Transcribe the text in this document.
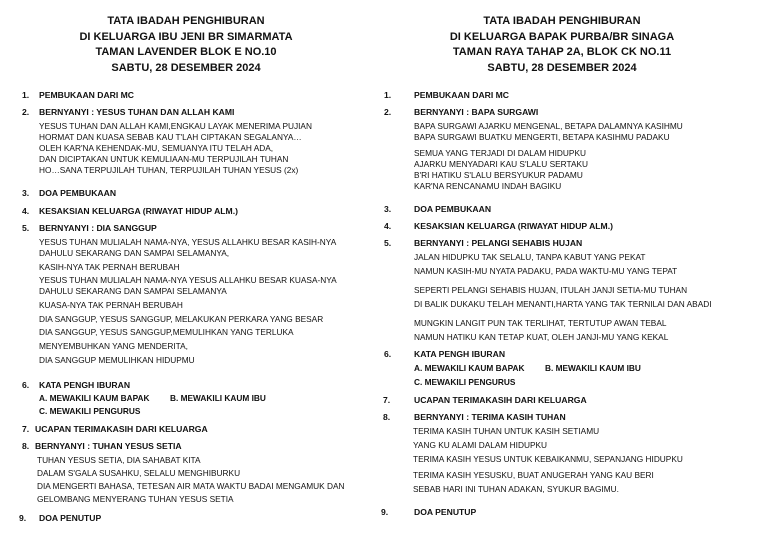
TATA IBADAH PENGHIBURAN
DI KELUARGA IBU JENI BR SIMARMATA
TAMAN LAVENDER BLOK E NO.10
SABTU, 28 DESEMBER 2024
1. PEMBUKAAN DARI MC
2. BERNYANYI : YESUS TUHAN DAN ALLAH KAMI
YESUS TUHAN DAN ALLAH KAMI,ENGKAU LAYAK MENERIMA PUJIAN
HORMAT DAN KUASA SEBAB KAU T'LAH CIPTAKAN SEGALANYA…
OLEH KAR'NA KEHENDAK-MU, SEMUANYA ITU TELAH ADA,
DAN DICIPTAKAN UNTUK KEMULIAAN-MU TERPUJILAH TUHAN
HO…SANA TERPUJILAH TUHAN, TERPUJILAH TUHAN YESUS (2x)
3. DOA PEMBUKAAN
4. KESAKSIAN KELUARGA (RIWAYAT HIDUP ALM.)
5. BERNYANYI : DIA SANGGUP
YESUS TUHAN MULIALAH NAMA-NYA, YESUS ALLAHKU BESAR KASIH-NYA
DAHULU SEKARANG DAN SAMPAI SELAMANYA,
KASIH-NYA TAK PERNAH BERUBAH
YESUS TUHAN MULIALAH NAMA-NYA YESUS ALLAHKU BESAR KUASA-NYA
DAHULU SEKARANG DAN SAMPAI SELAMANYA
KUASA-NYA TAK PERNAH BERUBAH
DIA SANGGUP, YESUS SANGGUP, MELAKUKAN PERKARA YANG BESAR
DIA SANGGUP, YESUS SANGGUP,MEMULIHKAN YANG TERLUKA
MENYEMBUHKAN YANG MENDERITA,
DIA SANGGUP MEMULIHKAN HIDUPMU
6. KATA PENGH IBURAN
A. MEWAKILI KAUM BAPAK B. MEWAKILI KAUM IBU
C. MEWAKILI PENGURUS
7. UCAPAN TERIMAKASIH DARI KELUARGA
8. BERNYANYI : TUHAN YESUS SETIA
TUHAN YESUS SETIA, DIA SAHABAT KITA
DALAM S'GALA SUSAHKU, SELALU MENGHIBURKU
DIA MENGERTI BAHASA, TETESAN AIR MATA WAKTU BADAI MENGAMUK DAN
GELOMBANG MENYERANG TUHAN YESUS SETIA
9. DOA PENUTUP
TATA IBADAH PENGHIBURAN
DI KELUARGA BAPAK PURBA/BR SINAGA
TAMAN RAYA TAHAP 2A, BLOK CK NO.11
SABTU, 28 DESEMBER 2024
1.	PEMBUKAAN DARI MC
2.	BERNYANYI : BAPA SURGAWI
BAPA SURGAWI AJARKU MENGENAL, BETAPA DALAMNYA KASIHMU
BAPA SURGAWI BUATKU MENGERTI, BETAPA KASIHMU PADAKU
SEMUA YANG TERJADI DI DALAM HIDUPKU
AJARKU MENYADARI KAU S'LALU SERTAKU
B'RI HATIKU S'LALU BERSYUKUR PADAMU
KAR'NA RENCANAMU INDAH BAGIKU
3.	DOA PEMBUKAAN
4.	KESAKSIAN KELUARGA (RIWAYAT HIDUP ALM.)
5.	BERNYANYI : PELANGI SEHABIS HUJAN
JALAN HIDUPKU TAK SELALU, TANPA KABUT YANG PEKAT
NAMUN KASIH-MU NYATA PADAKU, PADA WAKTU-MU YANG TEPAT
SEPERTI PELANGI SEHABIS HUJAN, ITULAH JANJI SETIA-MU TUHAN
DI BALIK DUKAKU TELAH MENANTI,HARTA YANG TAK TERNILAI DAN ABADI
MUNGKIN LANGIT PUN TAK TERLIHAT, TERTUTUP AWAN TEBAL
NAMUN HATIKU KAN TETAP KUAT, OLEH JANJI-MU YANG KEKAL
6.	KATA PENGH IBURAN
A. MEWAKILI KAUM BAPAK B. MEWAKILI KAUM IBU
C. MEWAKILI PENGURUS
7.	UCAPAN TERIMAKASIH DARI KELUARGA
8.	BERNYANYI : TERIMA KASIH TUHAN
TERIMA KASIH TUHAN UNTUK KASIH SETIAMU
YANG KU ALAMI DALAM HIDUPKU
TERIMA KASIH YESUS UNTUK KEBAIKANMU, SEPANJANG HIDUPKU
TERIMA KASIH YESUSKU, BUAT ANUGERAH YANG KAU BERI
SEBAB HARI INI TUHAN ADAKAN, SYUKUR BAGIMU.
9.	DOA PENUTUP
